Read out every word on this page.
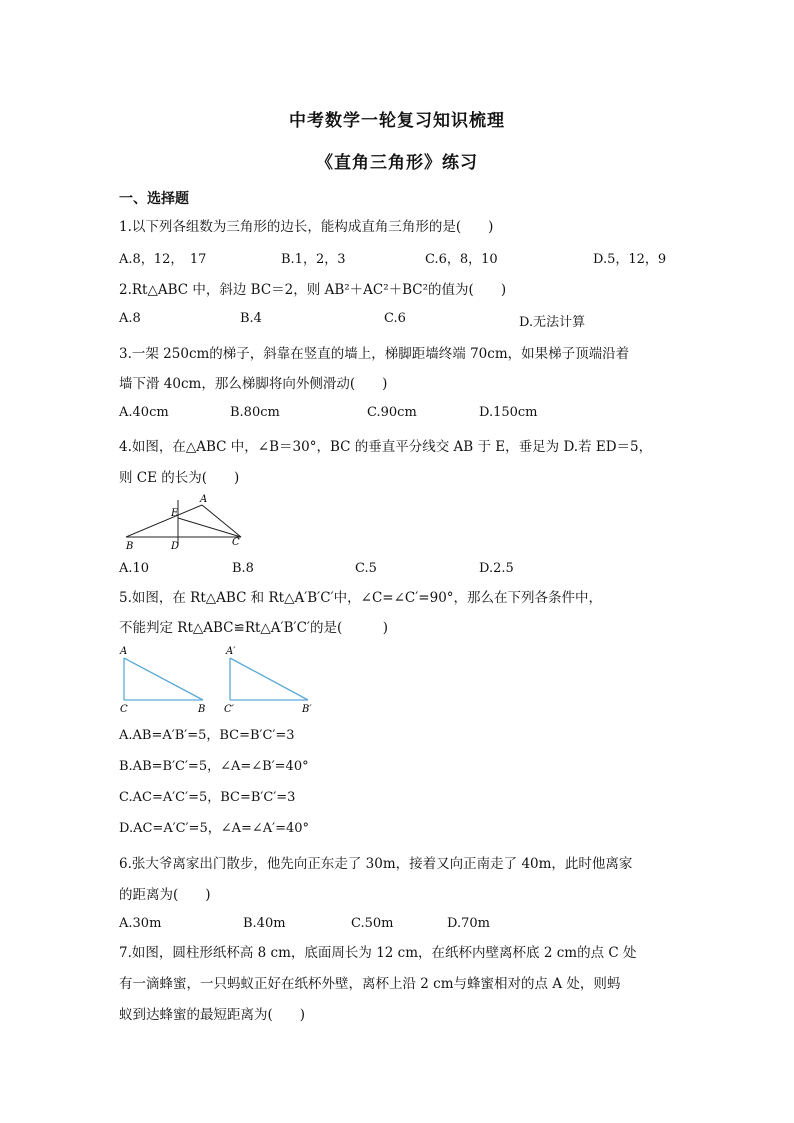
中考数学一轮复习知识梳理
《直角三角形》练习
一、选择题
1.以下列各组数为三角形的边长，能构成直角三角形的是(　　)
A.8，12，　17	B.1，2，3	C.6，8，10	D.5，12，9
2.Rt△ABC 中，斜边 BC＝2，则 AB²＋AC²＋BC²的值为(　　)
A.8	B.4	C.6	D.无法计算
3.一架 250cm的梯子，斜靠在竖直的墙上，梯脚距墙终端 70cm，如果梯子顶端沿着
墙下滑 40cm，那么梯脚将向外侧滑动(　　)
A.40cm	B.80cm	C.90cm	D.150cm
4.如图，在△ABC 中，∠B＝30°，BC 的垂直平分线交 AB 于 E，垂足为 D.若 ED＝5，
则 CE 的长为(　　)
A
E
B	D	C
A.10	B.8	C.5	D.2.5
5.如图，在 Rt△ABC 和 Rt△A′B′C′中，∠C=∠C′=90°，那么在下列各条件中，
不能判定 Rt△ABC≌Rt△A′B′C′的是(　　　)
A
C	B
A′
C′	B′
A.AB=A′B′=5，BC=B′C′=3
B.AB=B′C′=5，∠A=∠B′=40°
C.AC=A′C′=5，BC=B′C′=3
D.AC=A′C′=5，∠A=∠A′=40°
6.张大爷离家出门散步，他先向正东走了 30m，接着又向正南走了 40m，此时他离家
的距离为(　　)
A.30m	B.40m	C.50m	D.70m
7.如图，圆柱形纸杯高 8 cm，底面周长为 12 cm，在纸杯内壁离杯底 2 cm的点 C 处
有一滴蜂蜜，一只蚂蚁正好在纸杯外壁，离杯上沿 2 cm与蜂蜜相对的点 A 处，则蚂
蚁到达蜂蜜的最短距离为(　　)
